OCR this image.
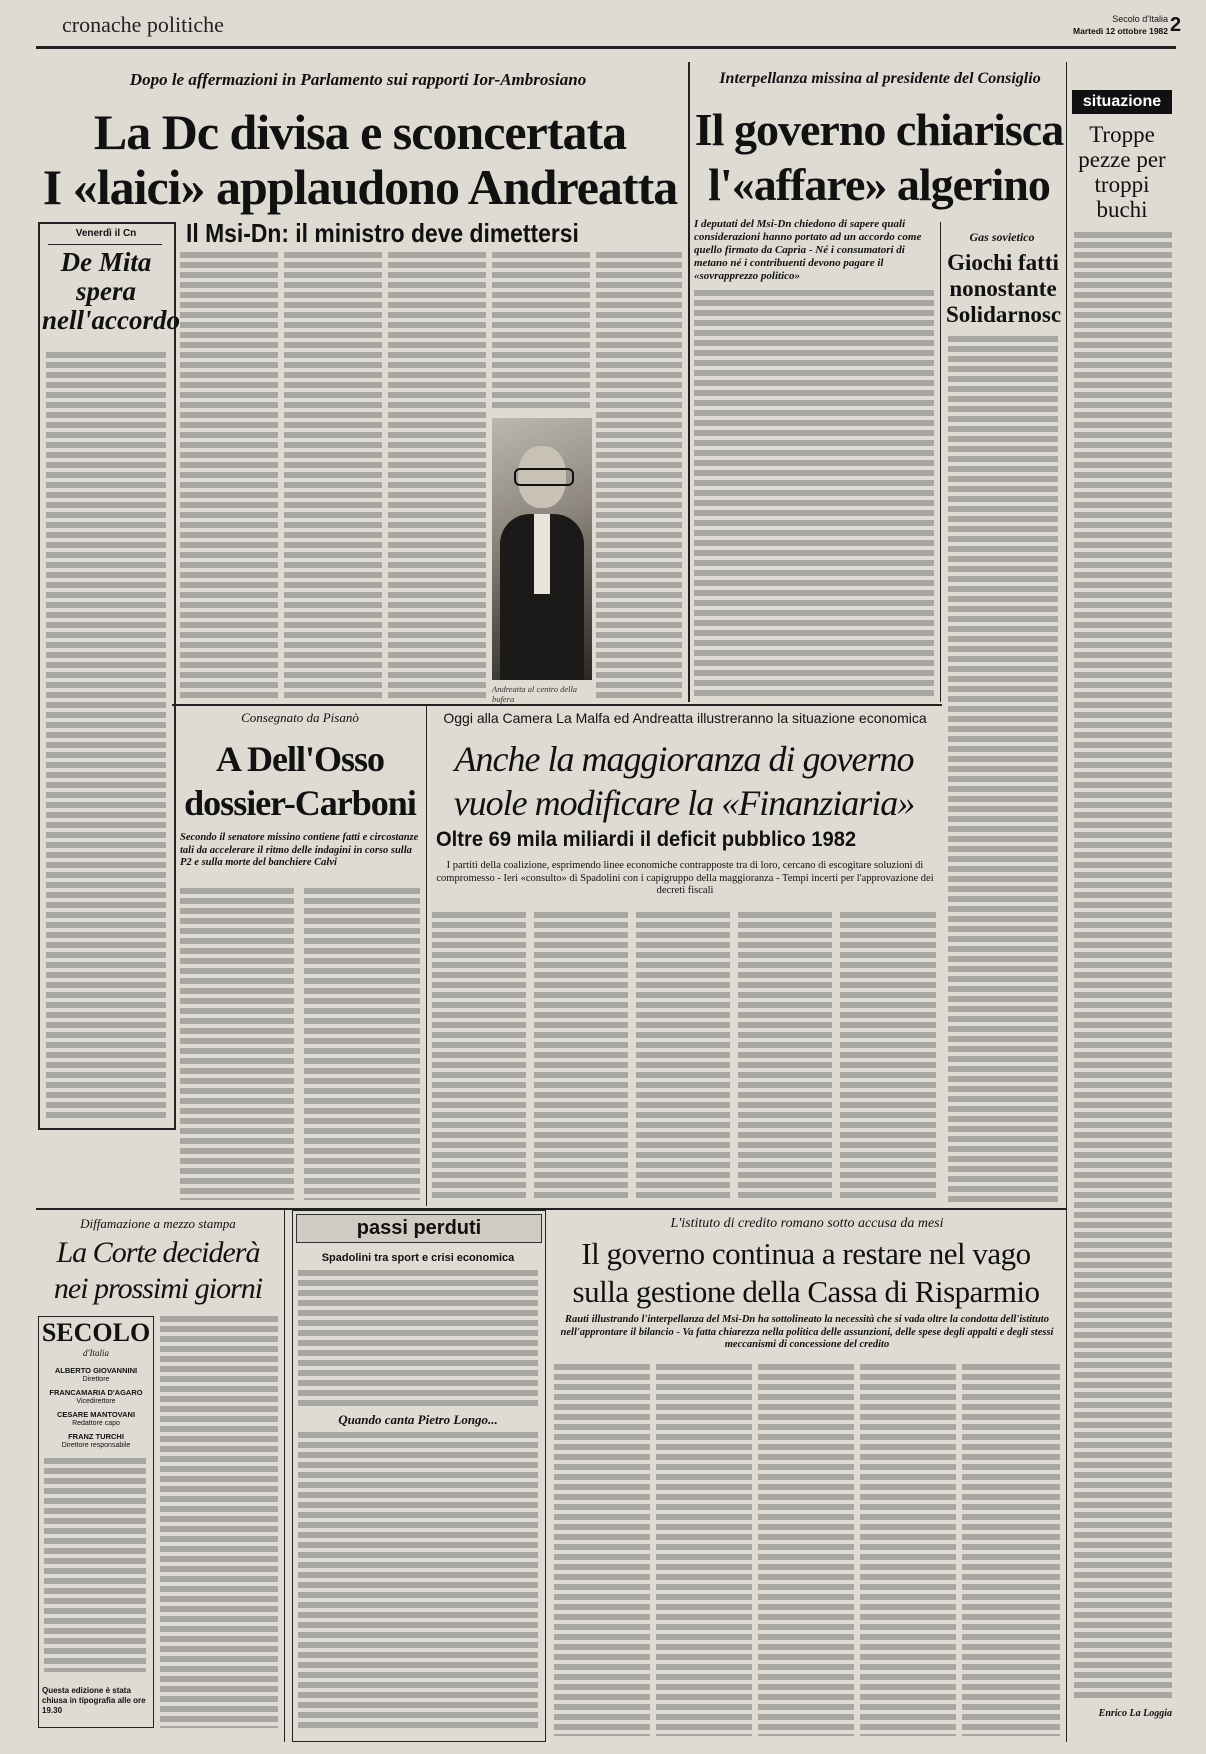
cronache politiche	Secolo d'Italia
Martedì 12 ottobre 1982 2
Dopo le affermazioni in Parlamento sui rapporti Ior-Ambrosiano
La Dc divisa e sconcertata
I «laici» applaudono Andreatta
Il Msi-Dn: il ministro deve dimettersi
Venerdì il Cn
De Mita spera nell'accordo
Andreatta al centro della bufera
Interpellanza missina al presidente del Consiglio
Il governo chiarisca
l'«affare» algerino
I deputati del Msi-Dn chiedono di sapere quali considerazioni hanno portato ad un accordo come quello firmato da Caprìa - Né i consumatori di metano né i contribuenti devono pagare il «sovrapprezzo politico»
Gas sovietico
Giochi fatti nonostante Solidarnosc
situazione
Troppe pezze per troppi buchi
Enrico La Loggia
Consegnato da Pisanò
A Dell'Osso
dossier-Carboni
Secondo il senatore missino contiene fatti e circostanze tali da accelerare il ritmo delle indagini in corso sulla P2 e sulla morte del banchiere Calvi
Oggi alla Camera La Malfa ed Andreatta illustreranno la situazione economica
Anche la maggioranza di governo
vuole modificare la «Finanziaria»
Oltre 69 mila miliardi il deficit pubblico 1982
I partiti della coalizione, esprimendo linee economiche contrapposte tra di loro, cercano di escogitare soluzioni di compromesso - Ieri «consulto» di Spadolini con i capigruppo della maggioranza - Tempi incerti per l'approvazione dei decreti fiscali
Diffamazione a mezzo stampa
La Corte deciderà
nei prossimi giorni
SECOLO
d'Italia
ALBERTO GIOVANNINI
Direttore
FRANCAMARIA D'AGARO
Vicedirettore
CESARE MANTOVANI
Redattore capo
FRANZ TURCHI
Direttore responsabile
Questa edizione è stata chiusa in tipografia alle ore 19.30
passi perduti
Spadolini tra sport e crisi economica
Quando canta Pietro Longo...
L'istituto di credito romano sotto accusa da mesi
Il governo continua a restare nel vago
sulla gestione della Cassa di Risparmio
Rauti illustrando l'interpellanza del Msi-Dn ha sottolineato la necessità che si vada oltre la condotta dell'istituto nell'approntare il bilancio - Va fatta chiarezza nella politica delle assunzioni, delle spese degli appalti e degli stessi meccanismi di concessione del credito
